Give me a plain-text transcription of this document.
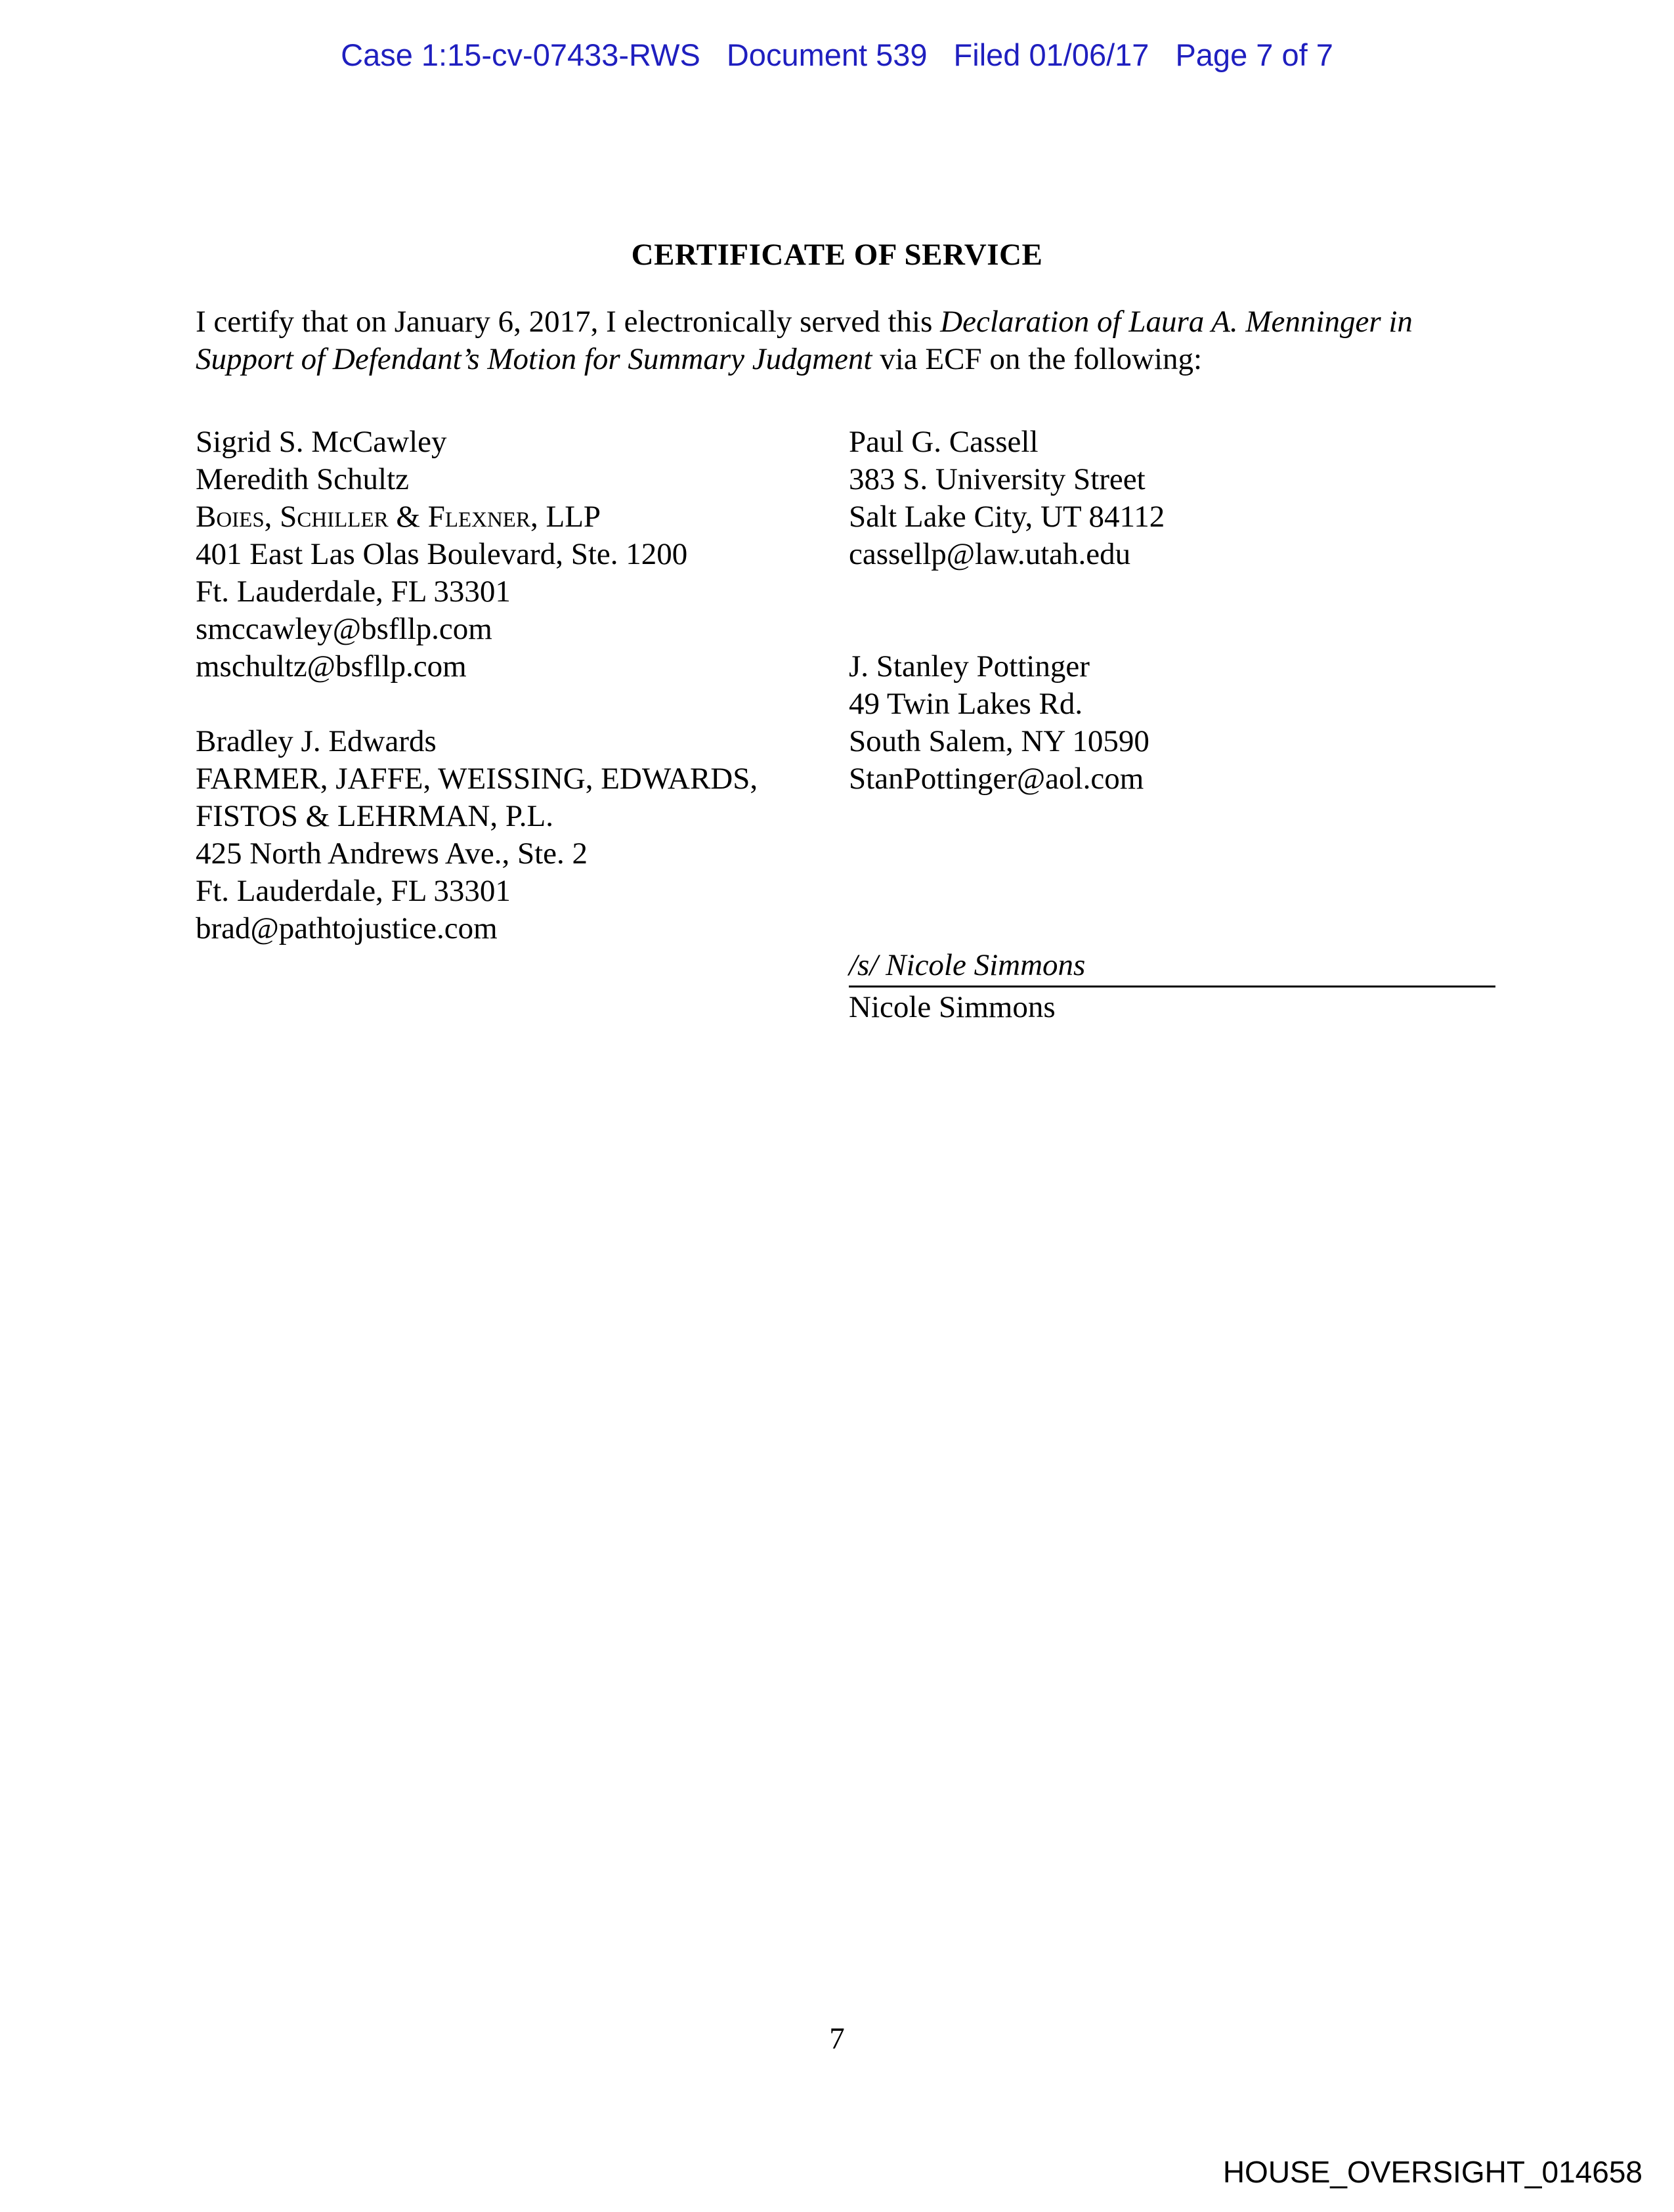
Case 1:15-cv-07433-RWS Document 539 Filed 01/06/17 Page 7 of 7
CERTIFICATE OF SERVICE
I certify that on January 6, 2017, I electronically served this Declaration of Laura A. Menninger in Support of Defendant’s Motion for Summary Judgment via ECF on the following:
Sigrid S. McCawley
Meredith Schultz
Boies, Schiller & Flexner, LLP
401 East Las Olas Boulevard, Ste. 1200
Ft. Lauderdale, FL 33301
smccawley@bsfllp.com
mschultz@bsfllp.com
Bradley J. Edwards
FARMER, JAFFE, WEISSING, EDWARDS,
FISTOS & LEHRMAN, P.L.
425 North Andrews Ave., Ste. 2
Ft. Lauderdale, FL 33301
brad@pathtojustice.com
Paul G. Cassell
383 S. University Street
Salt Lake City, UT 84112
cassellp@law.utah.edu
J. Stanley Pottinger
49 Twin Lakes Rd.
South Salem, NY 10590
StanPottinger@aol.com
/s/ Nicole Simmons
Nicole Simmons
7
HOUSE_OVERSIGHT_014658
